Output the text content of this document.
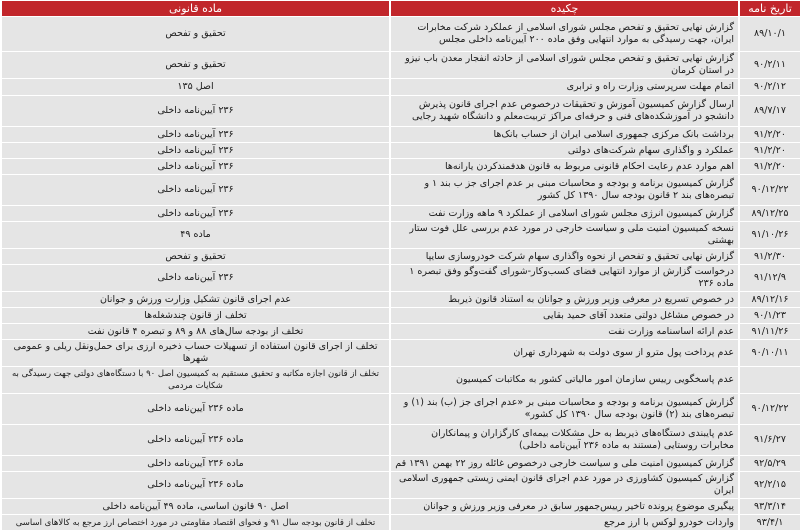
تاریخ نامه	چکیده	ماده قانونی
۸۹/۱۰/۱	گزارش نهایی تحقیق و تفحص مجلس شورای اسلامی از عملکرد شرکت مخابرات ایران، جهت رسیدگی به موارد انتهایی وفق ماده ۲۰۰ آیین‌نامه داخلی مجلس	تحقیق و تفحص
۹۰/۲/۱۱	گزارش نهایی تحقیق و تفحص مجلس شورای اسلامی از حادثه انفجار معدن باب نیزو در استان کرمان	تحقیق و تفحص
۹۰/۲/۱۲	اتمام مهلت سرپرستی وزارت راه و ترابری	اصل ۱۳۵
۸۹/۷/۱۷	ارسال گزارش کمیسیون آموزش و تحقیقات درخصوص عدم اجرای قانون پذیرش دانشجو در آموزشکده‌های فنی و حرفه‌ای مراکز تربیت‌معلم و دانشگاه شهید رجایی	۲۳۶ آیین‌نامه داخلی
۹۱/۲/۲۰	برداشت بانک مرکزی جمهوری اسلامی ایران از حساب بانک‌ها	۲۳۶ آیین‌نامه داخلی
۹۱/۲/۲۰	عملکرد و واگذاری سهام شرکت‌های دولتی	۲۳۶ آیین‌نامه داخلی
۹۱/۲/۲۰	اهم موارد عدم رعایت احکام قانونی مربوط به قانون هدفمندکردن یارانه‌ها	۲۳۶ آیین‌نامه داخلی
۹۰/۱۲/۲۲	گزارش کمیسیون برنامه و بودجه و محاسبات مبنی بر عدم اجرای جز ب بند ۱ و تبصره‌های بند ۲ قانون بودجه سال ۱۳۹۰ کل کشور	۲۳۶ آیین‌نامه داخلی
۸۹/۱۲/۲۵	گزارش کمیسیون انرژی مجلس شورای اسلامی از عملکرد ۹ ماهه وزارت نفت	۲۳۶ آیین‌نامه داخلی
۹۱/۱۰/۲۶	نسخه کمیسیون امنیت ملی و سیاست خارجی در مورد عدم بررسی علل فوت ستار بهشتی	ماده ۴۹
۹۱/۲/۳۰	گزارش نهایی تحقیق و تفحص از نحوه واگذاری سهام شرکت خودروسازی سایپا	تحقیق و تفحص
۹۱/۱۲/۹	درخواست گزارش از موارد انتهایی فضای کسب‌وکار-شورای گفت‌وگو وفق تبصره ۱ ماده ۲۳۶	۲۳۶ آیین‌نامه داخلی
۸۹/۱۲/۱۶	در خصوص تسریع در معرفی وزیر ورزش و جوانان به استناد قانون ذیربط	عدم اجرای قانون تشکیل وزارت ورزش و جوانان
۹۰/۱/۲۳	در خصوص مشاغل دولتی متعدد آقای حمید بقایی	تخلف از قانون چندشغله‌ها
۹۱/۱۱/۲۶	عدم ارائه اساسنامه وزارت نفت	تخلف از بودجه سال‌های ۸۸ و ۸۹ و تبصره ۴ قانون نفت
۹۰/۱۰/۱۱	عدم پرداخت پول مترو از سوی دولت به شهرداری تهران	تخلف از اجرای قانون استفاده از تسهیلات حساب ذخیره ارزی برای حمل‌ونقل ریلی و عمومی شهرها
	عدم پاسخگویی رییس سازمان امور مالیاتی کشور به مکاتبات کمیسیون	تخلف از قانون اجازه مکاتبه و تحقیق مستقیم به کمیسیون اصل ۹۰ با دستگاه‌های دولتی جهت رسیدگی به شکایات مردمی
۹۰/۱۲/۲۲	گزارش کمیسیون برنامه و بودجه و محاسبات مبنی بر «عدم اجرای جز (ب) بند (۱) و تبصره‌های بند (۲) قانون بودجه سال ۱۳۹۰ کل کشور»	ماده ۲۳۶ آیین‌نامه داخلی
۹۱/۶/۲۷	عدم پایبندی دستگاه‌های ذیربط به حل مشکلات بیمه‌ای کارگزاران و پیمانکاران مخابرات روستایی (مستند به ماده ۲۳۶ آیین‌نامه داخلی)	ماده ۲۳۶ آیین‌نامه داخلی
۹۲/۵/۲۹	گزارش کمیسیون امنیت ملی و سیاست خارجی درخصوص غائله روز ۲۲ بهمن ۱۳۹۱ قم	ماده ۲۳۶ آیین‌نامه داخلی
۹۲/۲/۱۵	گزارش کمیسیون کشاورزی در مورد عدم اجرای قانون ایمنی زیستی جمهوری اسلامی ایران	ماده ۲۳۶ آیین‌نامه داخلی
۹۳/۳/۱۴	پیگیری موضوع پرونده تاخیر رییس‌جمهور سابق در معرفی وزیر ورزش و جوانان	اصل ۹۰ قانون اساسی، ماده ۴۹ آیین‌نامه داخلی
۹۳/۴/۱	واردات خودرو لوکس با ارز مرجع	تخلف از قانون بودجه سال ۹۱ و فحوای اقتصاد مقاومتی در مورد اختصاص ارز مرجع به کالاهای اساسی
